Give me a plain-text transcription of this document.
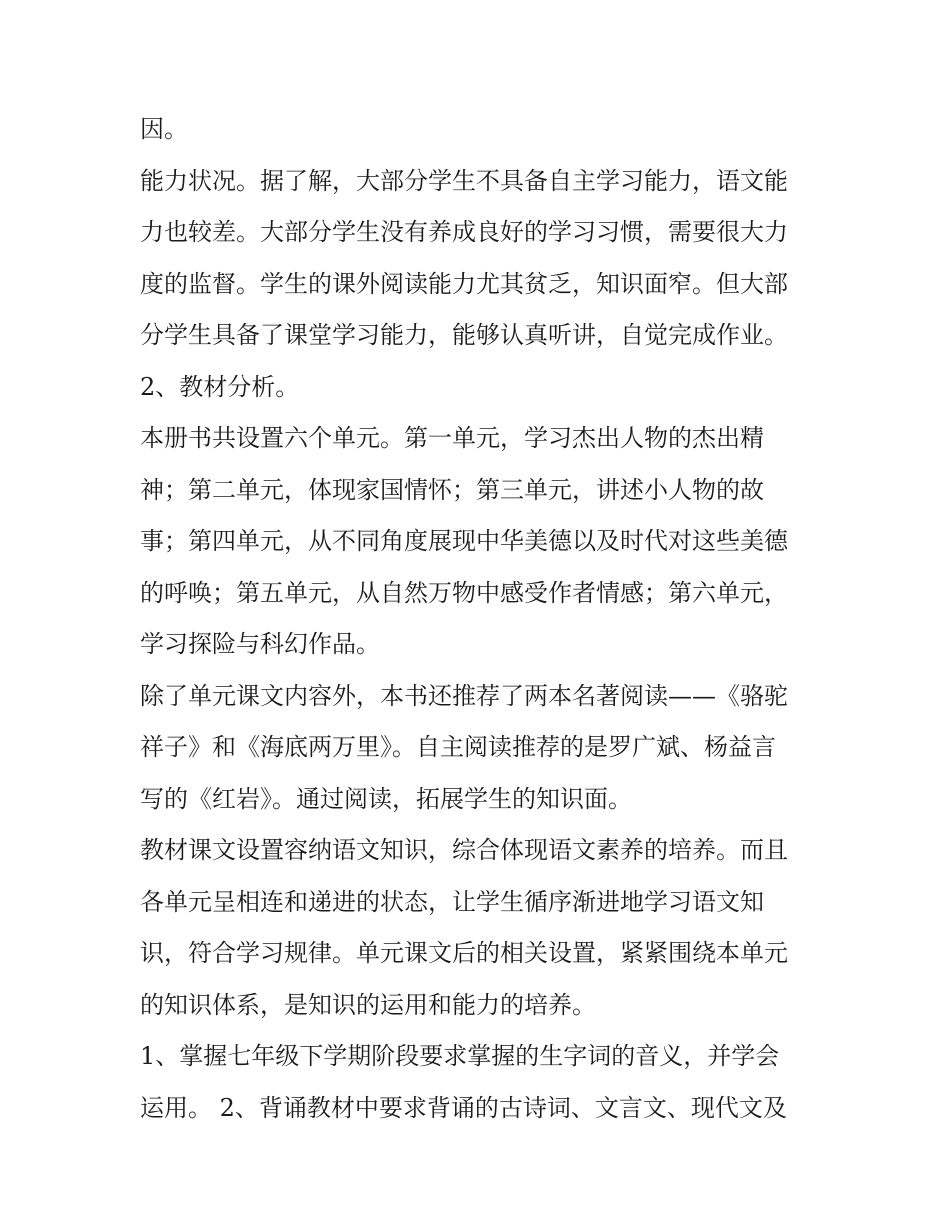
因。
能力状况。据了解，大部分学生不具备自主学习能力，语文能
力也较差。大部分学生没有养成良好的学习习惯，需要很大力
度的监督。学生的课外阅读能力尤其贫乏，知识面窄。但大部
分学生具备了课堂学习能力，能够认真听讲，自觉完成作业。
2、教材分析。
本册书共设置六个单元。第一单元，学习杰出人物的杰出精
神；第二单元，体现家国情怀；第三单元，讲述小人物的故
事；第四单元，从不同角度展现中华美德以及时代对这些美德
的呼唤；第五单元，从自然万物中感受作者情感；第六单元，
学习探险与科幻作品。
除了单元课文内容外，本书还推荐了两本名著阅读——《骆驼
祥子》和《海底两万里》。自主阅读推荐的是罗广斌、杨益言
写的《红岩》。通过阅读，拓展学生的知识面。
教材课文设置容纳语文知识，综合体现语文素养的培养。而且
各单元呈相连和递进的状态，让学生循序渐进地学习语文知
识，符合学习规律。单元课文后的相关设置，紧紧围绕本单元
的知识体系，是知识的运用和能力的培养。
1、掌握七年级下学期阶段要求掌握的生字词的音义，并学会
运用。 2、背诵教材中要求背诵的古诗词、文言文、现代文及
